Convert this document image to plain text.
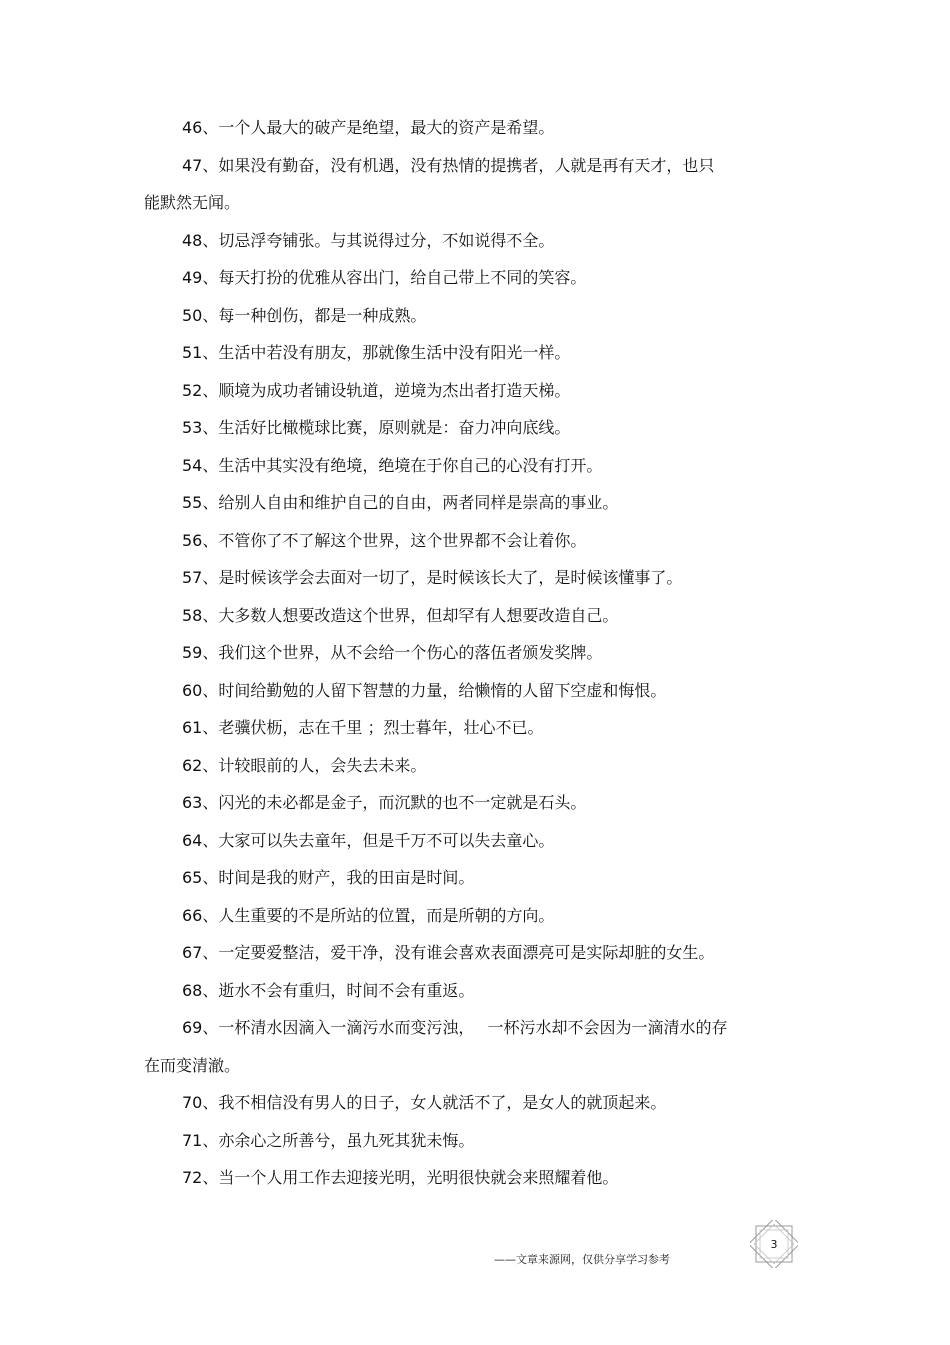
46、一个人最大的破产是绝望，最大的资产是希望。
47、如果没有勤奋，没有机遇，没有热情的提携者，人就是再有天才，也只
能默然无闻。
48、切忌浮夸铺张。与其说得过分，不如说得不全。
49、每天打扮的优雅从容出门，给自己带上不同的笑容。
50、每一种创伤，都是一种成熟。
51、生活中若没有朋友，那就像生活中没有阳光一样。
52、顺境为成功者铺设轨道，逆境为杰出者打造天梯。
53、生活好比橄榄球比赛，原则就是：奋力冲向底线。
54、生活中其实没有绝境，绝境在于你自己的心没有打开。
55、给别人自由和维护自己的自由，两者同样是崇高的事业。
56、不管你了不了解这个世界，这个世界都不会让着你。
57、是时候该学会去面对一切了，是时候该长大了，是时候该懂事了。
58、大多数人想要改造这个世界，但却罕有人想要改造自己。
59、我们这个世界，从不会给一个伤心的落伍者颁发奖牌。
60、时间给勤勉的人留下智慧的力量，给懒惰的人留下空虚和悔恨。
61、老骥伏枥，志在千里 ；烈士暮年，壮心不已。
62、计较眼前的人，会失去未来。
63、闪光的未必都是金子，而沉默的也不一定就是石头。
64、大家可以失去童年，但是千万不可以失去童心。
65、时间是我的财产，我的田亩是时间。
66、人生重要的不是所站的位置，而是所朝的方向。
67、一定要爱整洁，爱干净，没有谁会喜欢表面漂亮可是实际却脏的女生。
68、逝水不会有重归，时间不会有重返。
69、一杯清水因滴入一滴污水而变污浊，　 一杯污水却不会因为一滴清水的存
在而变清澈。
70、我不相信没有男人的日子，女人就活不了，是女人的就顶起来。
71、亦余心之所善兮，虽九死其犹未悔。
72、当一个人用工作去迎接光明，光明很快就会来照耀着他。
——文章来源网，仅供分享学习参考
3
